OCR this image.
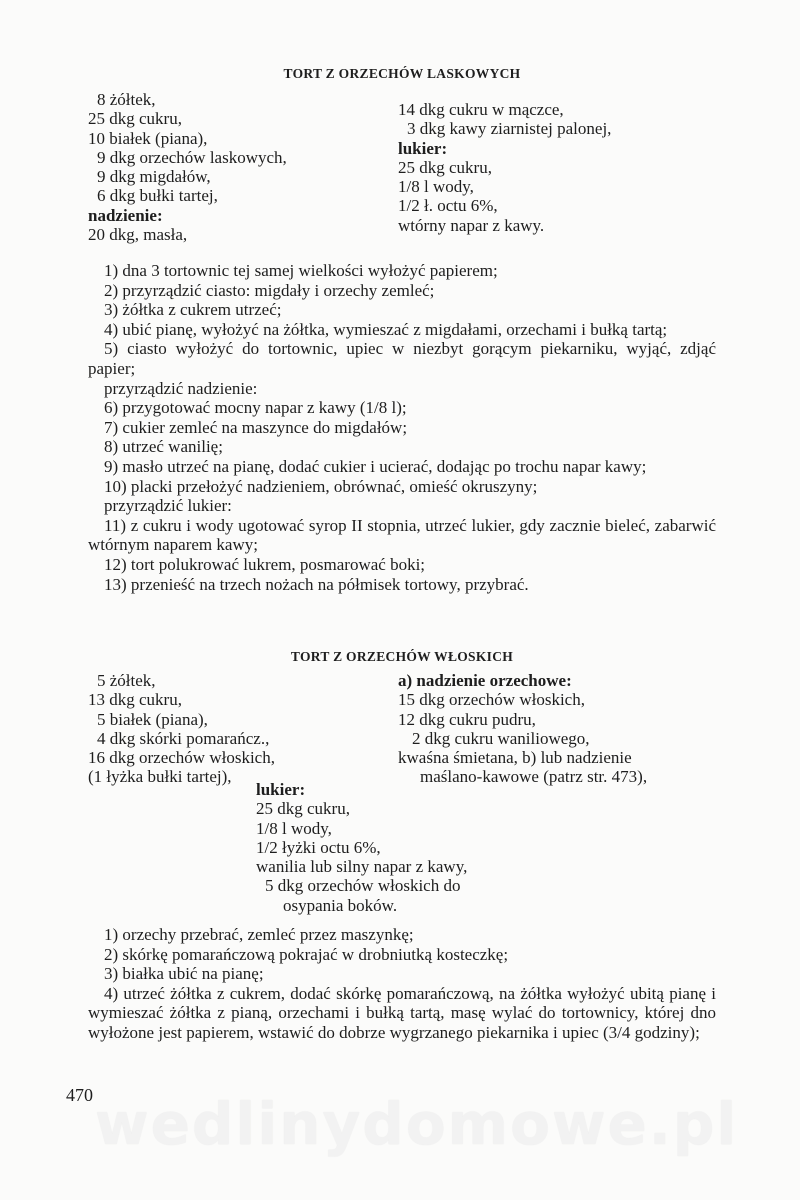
wedlinydomowe.pl
TORT Z ORZECHÓW LASKOWYCH
8 żółtek,
25 dkg cukru,
10 białek (piana),
9 dkg orzechów laskowych,
9 dkg migdałów,
6 dkg bułki tartej,
nadzienie:
20 dkg, masła,
14 dkg cukru w mączce,
3 dkg kawy ziarnistej palonej,
lukier:
25 dkg cukru,
1/8 l wody,
1/2 ł. octu 6%,
wtórny napar z kawy.
1) dna 3 tortownic tej samej wielkości wyłożyć papierem;
2) przyrządzić ciasto: migdały i orzechy zemleć;
3) żółtka z cukrem utrzeć;
4) ubić pianę, wyłożyć na żółtka, wymieszać z migdałami, orzechami i bułką tartą;
5) ciasto wyłożyć do tortownic, upiec w niezbyt gorącym piekarniku, wyjąć, zdjąć papier;
przyrządzić nadzienie:
6) przygotować mocny napar z kawy (1/8 l);
7) cukier zemleć na maszynce do migdałów;
8) utrzeć wanilię;
9) masło utrzeć na pianę, dodać cukier i ucierać, dodając po trochu napar kawy;
10) placki przełożyć nadzieniem, obrównać, omieść okruszyny;
przyrządzić lukier:
11) z cukru i wody ugotować syrop II stopnia, utrzeć lukier, gdy zacznie bieleć, zabarwić wtórnym naparem kawy;
12) tort polukrować lukrem, posmarować boki;
13) przenieść na trzech nożach na półmisek tortowy, przybrać.
TORT Z ORZECHÓW WŁOSKICH
5 żółtek,
13 dkg cukru,
5 białek (piana),
4 dkg skórki pomarańcz.,
16 dkg orzechów włoskich,
(1 łyżka bułki tartej),
a) nadzienie orzechowe:
15 dkg orzechów włoskich,
12 dkg cukru pudru,
2 dkg cukru waniliowego,
kwaśna śmietana, b) lub nadzienie
maślano-kawowe (patrz str. 473),
lukier:
25 dkg cukru,
1/8 l wody,
1/2 łyżki octu 6%,
wanilia lub silny napar z kawy,
5 dkg orzechów włoskich do
osypania boków.
1) orzechy przebrać, zemleć przez maszynkę;
2) skórkę pomarańczową pokrajać w drobniutką kosteczkę;
3) białka ubić na pianę;
4) utrzeć żółtka z cukrem, dodać skórkę pomarańczową, na żółtka wyłożyć ubitą pianę i wymieszać żółtka z pianą, orzechami i bułką tartą, masę wylać do tortownicy, której dno wyłożone jest papierem, wstawić do dobrze wygrzanego piekarnika i upiec (3/4 godziny);
470
